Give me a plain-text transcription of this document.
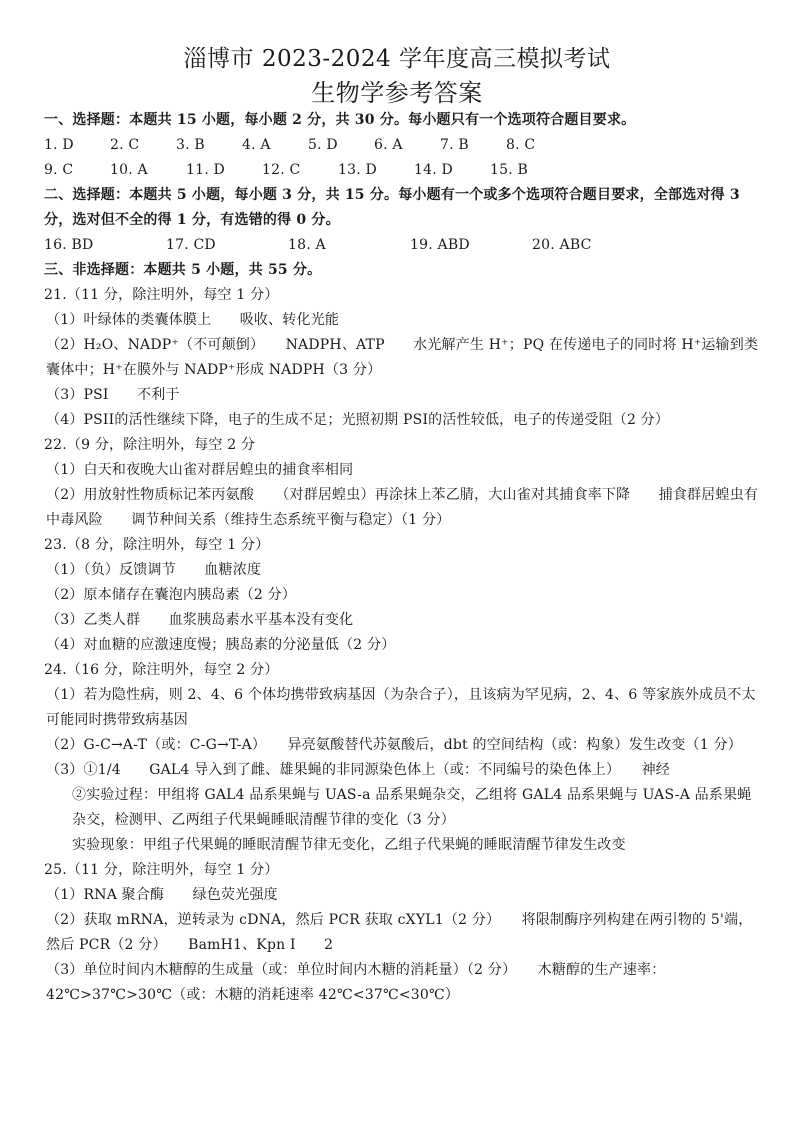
淄博市 2023-2024 学年度高三模拟考试
生物学参考答案
一、选择题：本题共 15 小题，每小题 2 分，共 30 分。每小题只有一个选项符合题目要求。
1. D	2. C	3. B	4. A	5. D	6. A	7. B	8. C
9. C	10. A	11. D	12. C	13. D	14. D	15. B
二、选择题：本题共 5 小题，每小题 3 分，共 15 分。每小题有一个或多个选项符合题目要求，全部选对得 3 分，选对但不全的得 1 分，有选错的得 0 分。
16. BD	17. CD	18. A	19. ABD	20. ABC
三、非选择题：本题共 5 小题，共 55 分。
21.（11 分，除注明外，每空 1 分）
（1）叶绿体的类囊体膜上　　吸收、转化光能
（2）H₂O、NADP⁺（不可颠倒）　　NADPH、ATP　　水光解产生 H⁺；PQ 在传递电子的同时将 H⁺运输到类囊体中；H⁺在膜外与 NADP⁺形成 NADPH（3 分）
（3）PSI　　不利于
（4）PSII的活性继续下降，电子的生成不足；光照初期 PSI的活性较低，电子的传递受阻（2 分）
22.（9 分，除注明外，每空 2 分
（1）白天和夜晚大山雀对群居蝗虫的捕食率相同
（2）用放射性物质标记苯丙氨酸　　（对群居蝗虫）再涂抹上苯乙腈，大山雀对其捕食率下降　　捕食群居蝗虫有中毒风险　　调节种间关系（维持生态系统平衡与稳定）（1 分）
23.（8 分，除注明外，每空 1 分）
（1）（负）反馈调节　　血糖浓度
（2）原本储存在囊泡内胰岛素（2 分）
（3）乙类人群　　血浆胰岛素水平基本没有变化
（4）对血糖的应激速度慢；胰岛素的分泌量低（2 分）
24.（16 分，除注明外，每空 2 分）
（1）若为隐性病，则 2、4、6 个体均携带致病基因（为杂合子），且该病为罕见病，2、4、6 等家族外成员不太可能同时携带致病基因
（2）G-C→A-T（或：C-G→T-A）　　异亮氨酸替代苏氨酸后，dbt 的空间结构（或：构象）发生改变（1 分）
（3）①1/4　　GAL4 导入到了雌、雄果蝇的非同源染色体上（或：不同编号的染色体上）　　神经
②实验过程：甲组将 GAL4 品系果蝇与 UAS-a 品系果蝇杂交，乙组将 GAL4 品系果蝇与 UAS-A 品系果蝇杂交，检测甲、乙两组子代果蝇睡眠清醒节律的变化（3 分）
实验现象：甲组子代果蝇的睡眠清醒节律无变化，乙组子代果蝇的睡眠清醒节律发生改变
25.（11 分，除注明外，每空 1 分）
（1）RNA 聚合酶　　绿色荧光强度
（2）获取 mRNA，逆转录为 cDNA，然后 PCR 获取 cXYL1（2 分）　　将限制酶序列构建在两引物的 5'端，然后 PCR（2 分）　　BamH1、Kpn I　　2
（3）单位时间内木糖醇的生成量（或：单位时间内木糖的消耗量）（2 分）　　木糖醇的生产速率：42℃>37℃>30℃（或：木糖的消耗速率 42℃<37℃<30℃）
